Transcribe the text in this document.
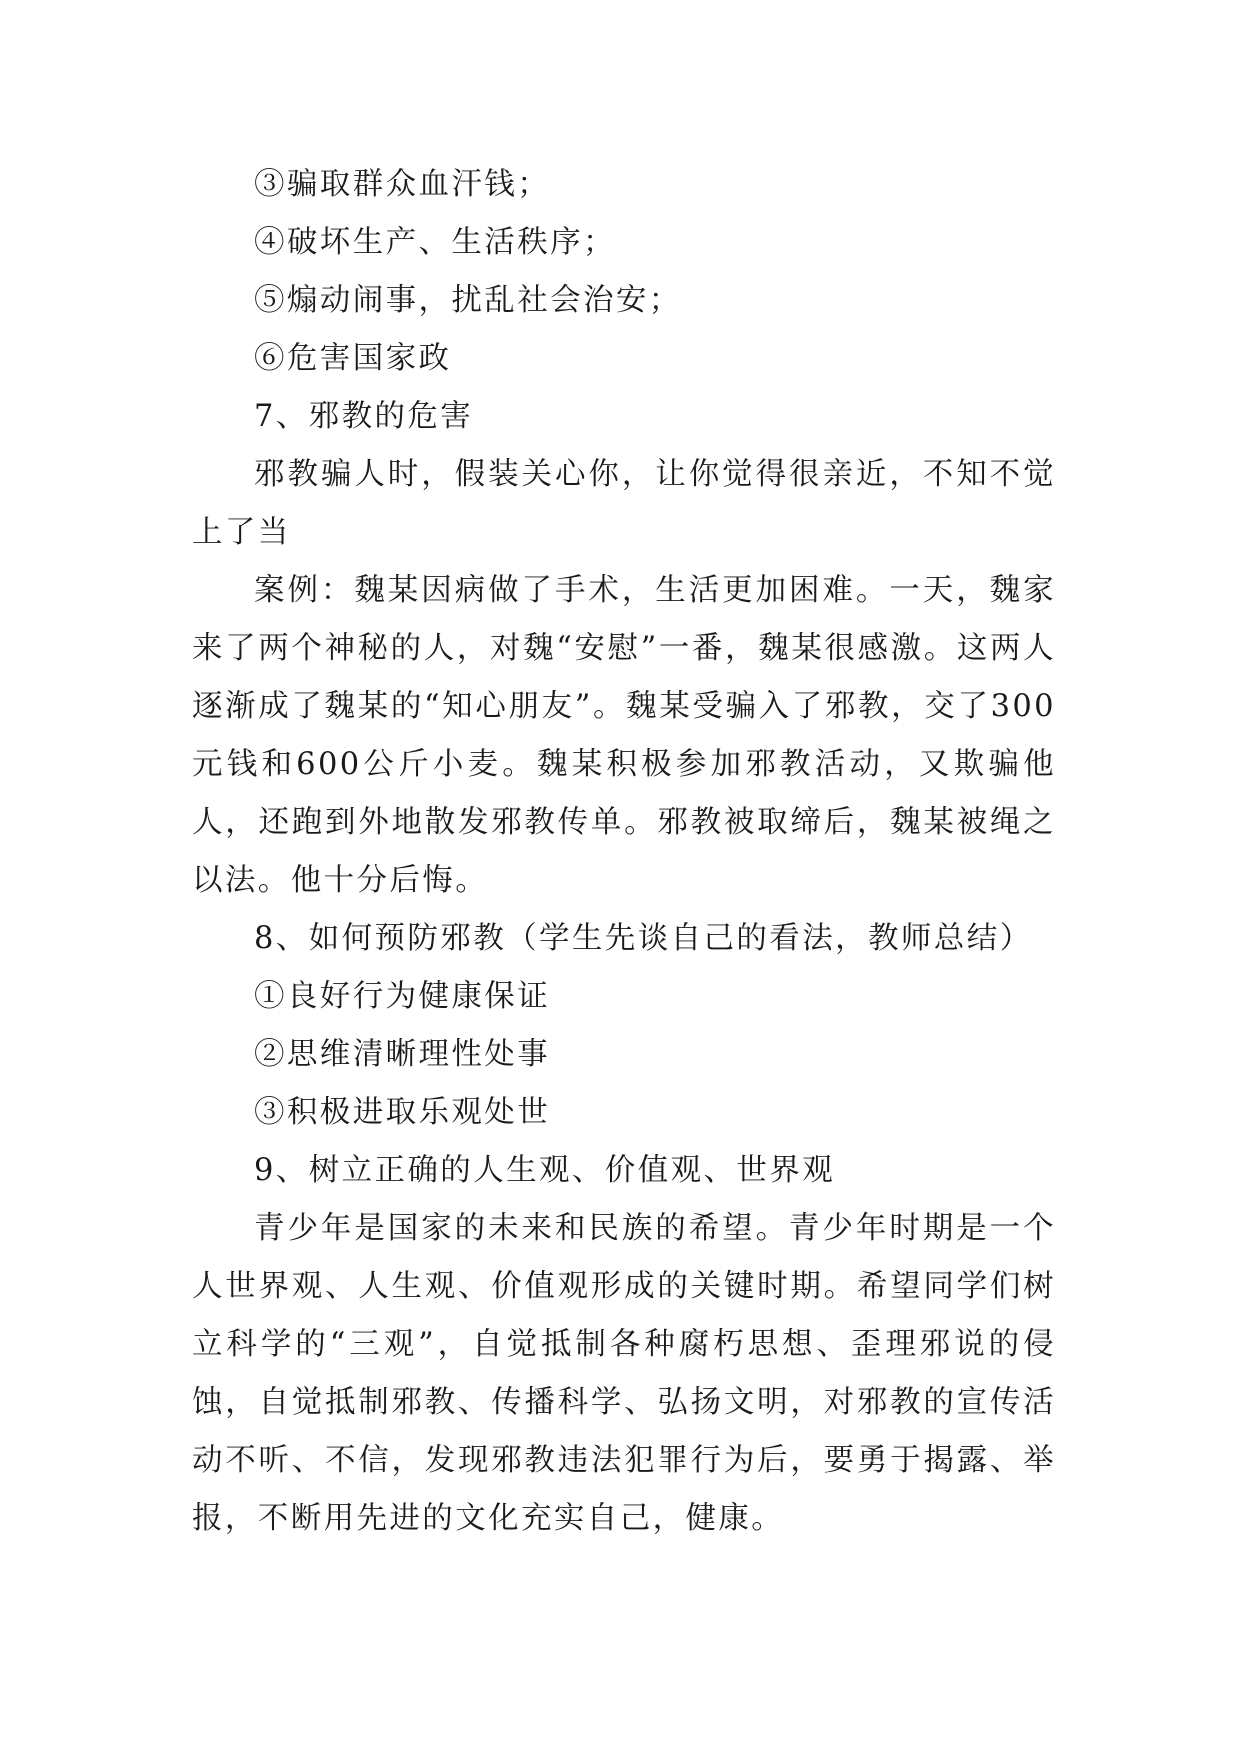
③骗取群众血汗钱；
④破坏生产、生活秩序；
⑤煽动闹事，扰乱社会治安；
⑥危害国家政
7、邪教的危害

邪教骗人时，假装关心你，让你觉得很亲近，不知不觉上了当

案例：魏某因病做了手术，生活更加困难。一天，魏家来了两个神秘的人，对魏“安慰”一番，魏某很感激。这两人逐渐成了魏某的“知心朋友”。魏某受骗入了邪教，交了300元钱和600公斤小麦。魏某积极参加邪教活动，又欺骗他人，还跑到外地散发邪教传单。邪教被取缔后，魏某被绳之以法。他十分后悔。

8、如何预防邪教（学生先谈自己的看法，教师总结）
①良好行为健康保证
②思维清晰理性处事
③积极进取乐观处世
9、树立正确的人生观、价值观、世界观

青少年是国家的未来和民族的希望。青少年时期是一个人世界观、人生观、价值观形成的关键时期。希望同学们树立科学的“三观”，自觉抵制各种腐朽思想、歪理邪说的侵蚀，自觉抵制邪教、传播科学、弘扬文明，对邪教的宣传活动不听、不信，发现邪教违法犯罪行为后，要勇于揭露、举报，不断用先进的文化充实自己，健康。
